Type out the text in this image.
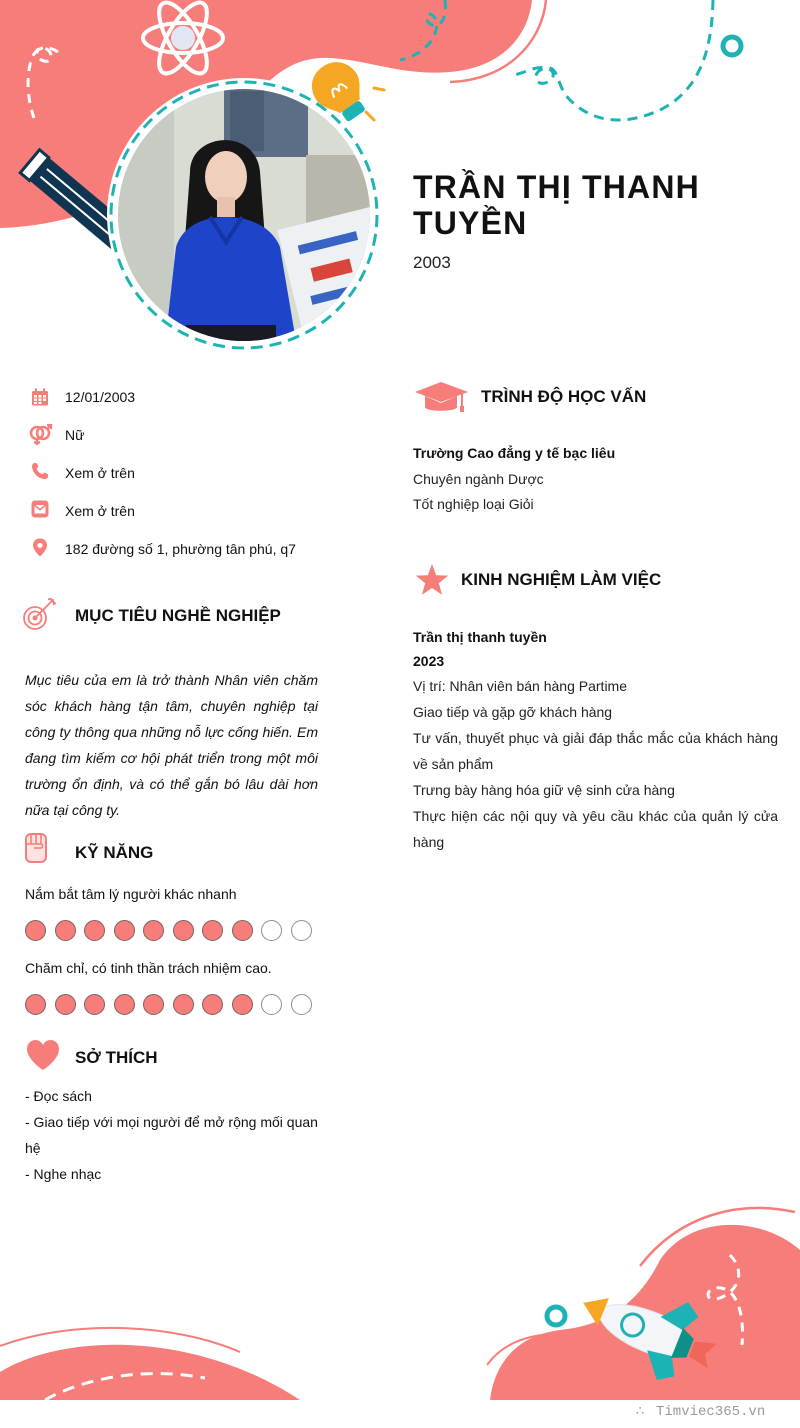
TRẦN THỊ THANH TUYỀN
2003
12/01/2003
Nữ
Xem ở trên
Xem ở trên
182 đường số 1, phường tân phú, q7
MỤC TIÊU NGHỀ NGHIỆP
Mục tiêu của em là trở thành Nhân viên chăm sóc khách hàng tận tâm, chuyên nghiệp tại công ty thông qua những nỗ lực cống hiến. Em đang tìm kiếm cơ hội phát triển trong một môi trường ổn định, và có thể gắn bó lâu dài hơn nữa tại công ty.
KỸ NĂNG
Nắm bắt tâm lý người khác nhanh
Chăm chỉ, có tinh thần trách nhiệm cao.
SỞ THÍCH
- Đọc sách
- Giao tiếp với mọi người để mở rộng mối quan hệ
- Nghe nhạc
TRÌNH ĐỘ HỌC VẤN
Trường Cao đẳng y tế bạc liêu
Chuyên ngành Dược
Tốt nghiệp loại Giỏi
KINH NGHIỆM LÀM VIỆC
Trần thị thanh tuyền
2023
Vị trí: Nhân viên bán hàng Partime
Giao tiếp và gặp gỡ khách hàng
Tư vấn, thuyết phục và giải đáp thắc mắc của khách hàng về sản phẩm
Trưng bày hàng hóa giữ vệ sinh cửa hàng
Thực hiện các nội quy và yêu cầu khác của quản lý cửa hàng
∴ Timviec365.vn
